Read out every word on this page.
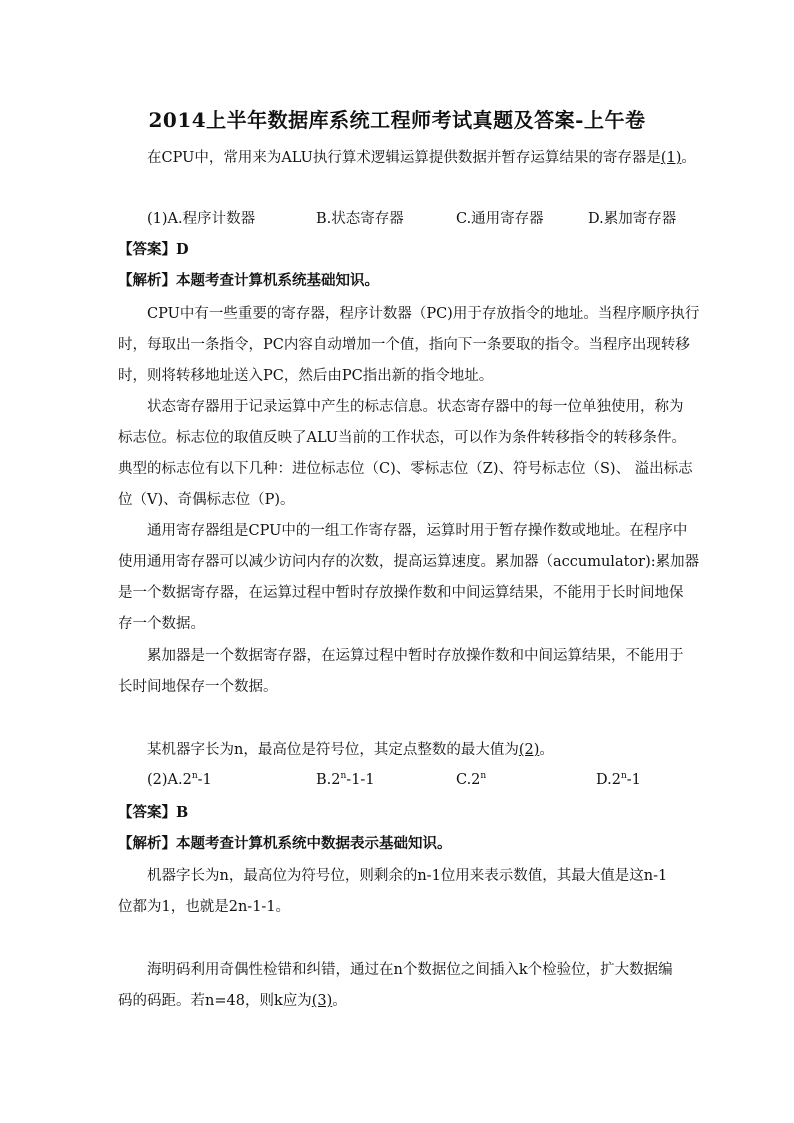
2014上半年数据库系统工程师考试真题及答案-上午卷
在CPU中，常用来为ALU执行算术逻辑运算提供数据并暂存运算结果的寄存器是(1)。
(1)A.程序计数器	B.状态寄存器	C.通用寄存器	D.累加寄存器
【答案】D
【解析】本题考查计算机系统基础知识。
CPU中有一些重要的寄存器，程序计数器（PC)用于存放指令的地址。当程序顺序执行
时，每取出一条指令，PC内容自动增加一个值，指向下一条要取的指令。当程序出现转移
时，则将转移地址送入PC，然后由PC指出新的指令地址。
状态寄存器用于记录运算中产生的标志信息。状态寄存器中的每一位单独使用，称为
标志位。标志位的取值反映了ALU当前的工作状态，可以作为条件转移指令的转移条件。
典型的标志位有以下几种：进位标志位（C)、零标志位（Z)、符号标志位（S)、 溢出标志
位（V)、奇偶标志位（P)。
通用寄存器组是CPU中的一组工作寄存器，运算时用于暂存操作数或地址。在程序中
使用通用寄存器可以减少访问内存的次数，提高运算速度。累加器（accumulator):累加器
是一个数据寄存器，在运算过程中暂时存放操作数和中间运算结果，不能用于长时间地保
存一个数据。
累加器是一个数据寄存器，在运算过程中暂时存放操作数和中间运算结果，不能用于
长时间地保存一个数据。
某机器字长为n，最高位是符号位，其定点整数的最大值为(2)。
(2)A.2$^n$-1	B.2$^n$-1-1	C.2$^n$	D.2$^n$-1
【答案】B
【解析】本题考查计算机系统中数据表示基础知识。
机器字长为n，最高位为符号位，则剩余的n-1位用来表示数值，其最大值是这n-1
位都为1，也就是2n-1-1。
海明码利用奇偶性检错和纠错，通过在n个数据位之间插入k个检验位，扩大数据编
码的码距。若n=48，则k应为(3)。
